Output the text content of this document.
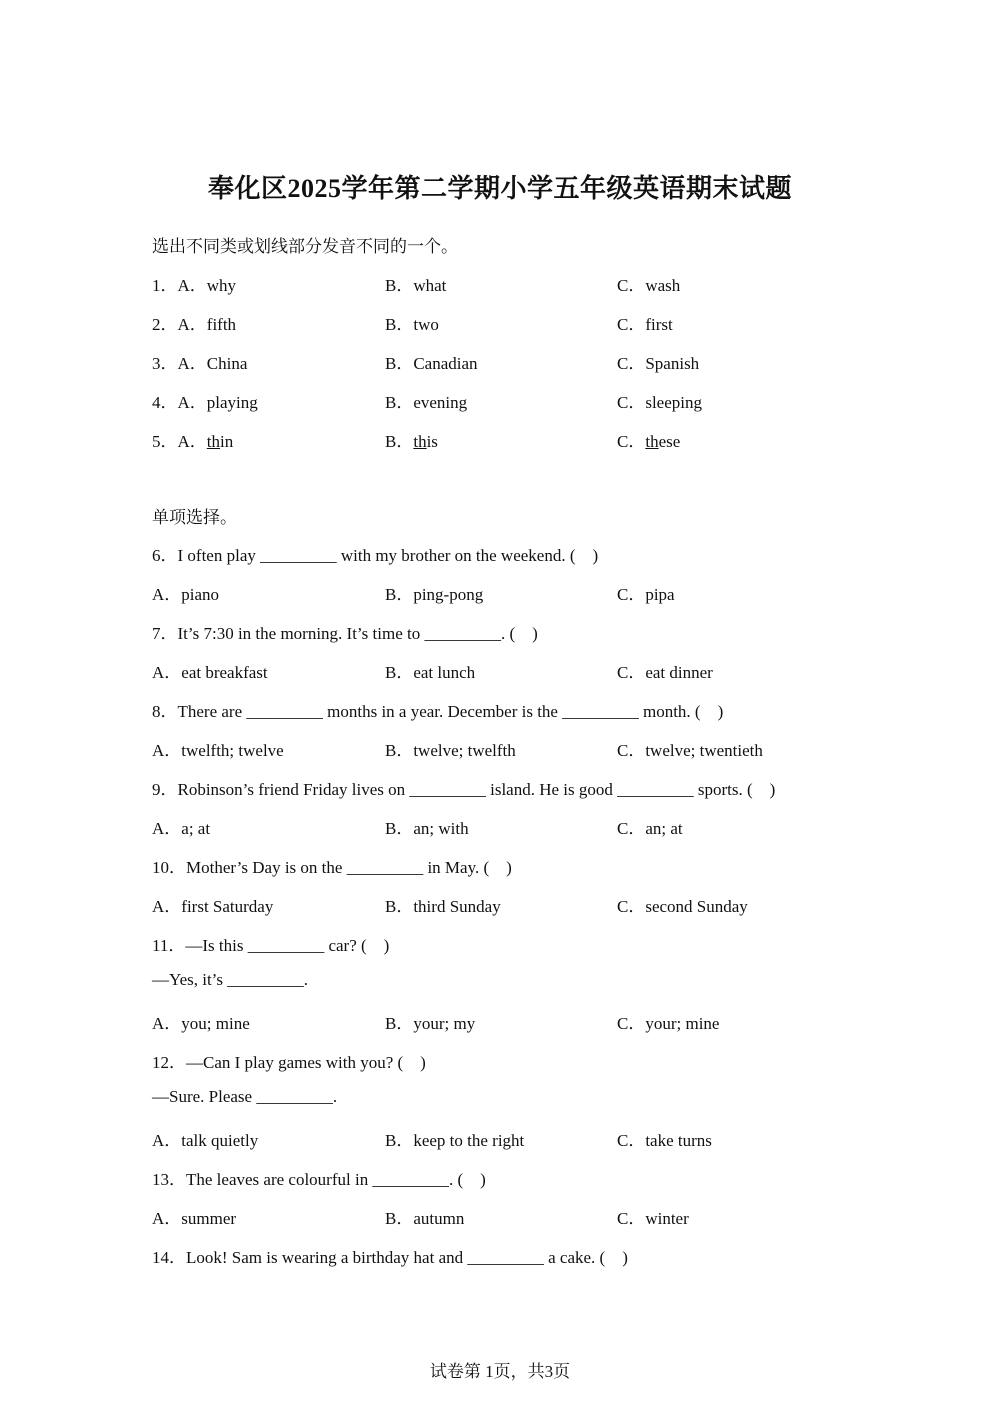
奉化区2025学年第二学期小学五年级英语期末试题
选出不同类或划线部分发音不同的一个。
1．A．why	B．what	C．wash
2．A．fifth	B．two	C．first
3．A．China	B．Canadian	C．Spanish
4．A．playing	B．evening	C．sleeping
5．A．thin	B．this	C．these
单项选择。
6．I often play _________ with my brother on the weekend. (    )
A．piano	B．ping-pong	C．pipa
7．It’s 7:30 in the morning. It’s time to _________. (    )
A．eat breakfast	B．eat lunch	C．eat dinner
8．There are _________ months in a year. December is the _________ month. (    )
A．twelfth; twelve	B．twelve; twelfth	C．twelve; twentieth
9．Robinson’s friend Friday lives on _________ island. He is good _________ sports. (    )
A．a; at	B．an; with	C．an; at
10．Mother’s Day is on the _________ in May. (    )
A．first Saturday	B．third Sunday	C．second Sunday
11．—Is this _________ car? (    )
—Yes, it’s _________.
A．you; mine	B．your; my	C．your; mine
12．—Can I play games with you? (    )
—Sure. Please _________.
A．talk quietly	B．keep to the right	C．take turns
13．The leaves are colourful in _________. (    )
A．summer	B．autumn	C．winter
14．Look! Sam is wearing a birthday hat and _________ a cake. (    )
试卷第 1页，共3页
